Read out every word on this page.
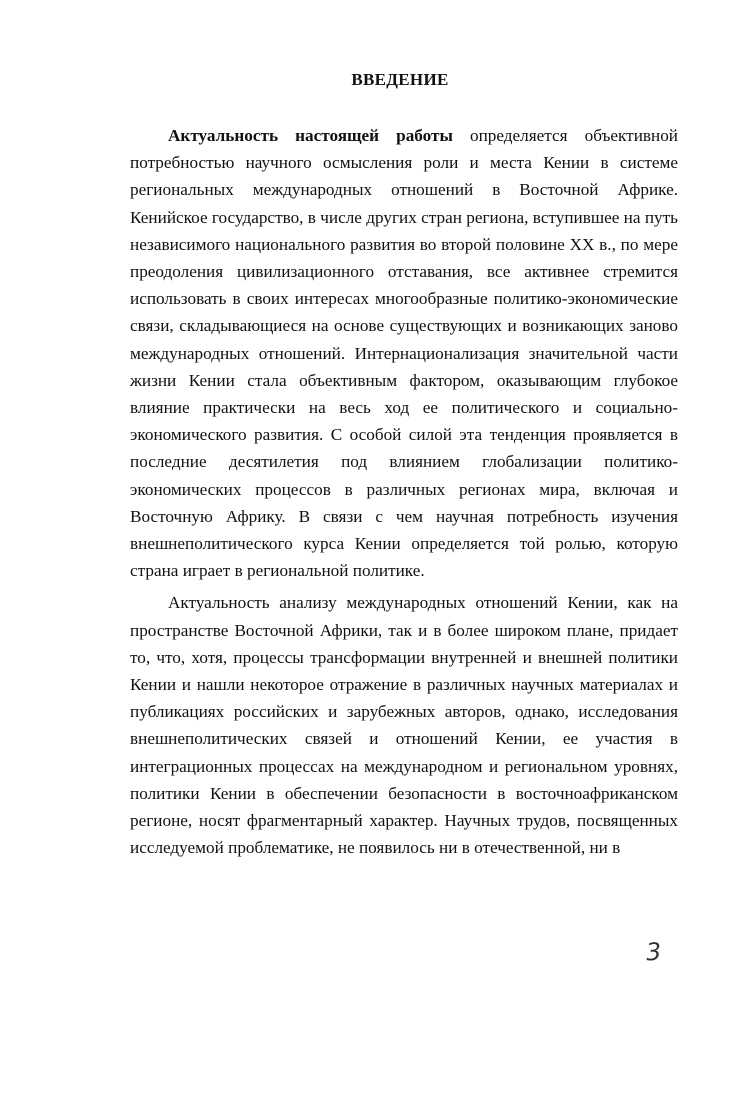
ВВЕДЕНИЕ

Актуальность настоящей работы определяется объективной потребностью научного осмысления роли и места Кении в системе региональных международных отношений в Восточной Африке. Кенийское государство, в числе других стран региона, вступившее на путь независимого национального развития во второй половине XX в., по мере преодоления цивилизационного отставания, все активнее стремится использовать в своих интересах многообразные политико-экономические связи, складывающиеся на основе существующих и возникающих заново международных отношений. Интернационализация значительной части жизни Кении стала объективным фактором, оказывающим глубокое влияние практически на весь ход ее политического и социально-экономического развития. С особой силой эта тенденция проявляется в последние десятилетия под влиянием глобализации политико-экономических процессов в различных регионах мира, включая и Восточную Африку. В связи с чем научная потребность изучения внешнеполитического курса Кении определяется той ролью, которую страна играет в региональной политике.

Актуальность анализу международных отношений Кении, как на пространстве Восточной Африки, так и в более широком плане, придает то, что, хотя, процессы трансформации внутренней и внешней политики Кении и нашли некоторое отражение в различных научных материалах и публикациях российских и зарубежных авторов, однако, исследования внешнеполитических связей и отношений Кении, ее участия в интеграционных процессах на международном и региональном уровнях, политики Кении в обеспечении безопасности в восточноафриканском регионе, носят фрагментарный характер. Научных трудов, посвященных исследуемой проблематике, не появилось ни в отечественной, ни в

3
